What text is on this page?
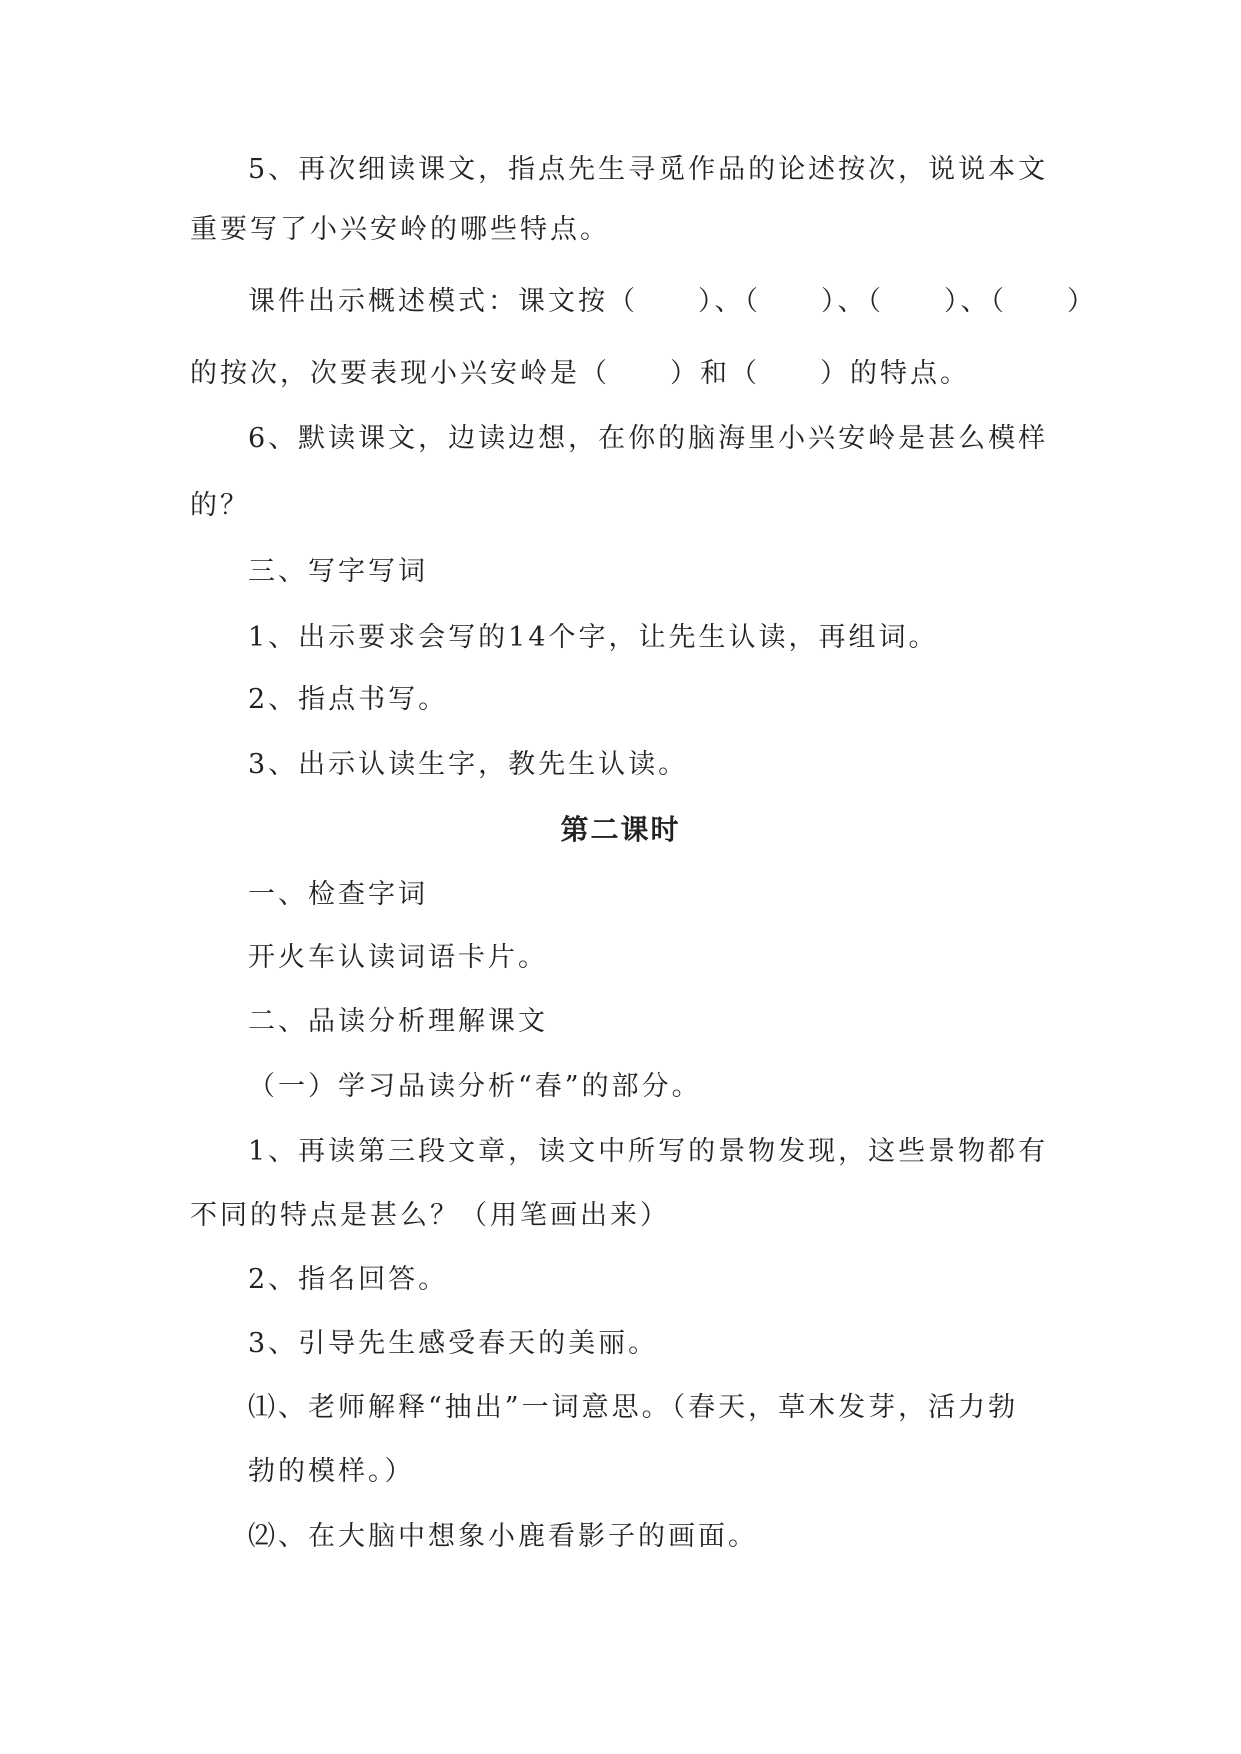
5、再次细读课文，指点先生寻觅作品的论述按次，说说本文
重要写了小兴安岭的哪些特点。
课件出示概述模式：课文按（　　）、（　　）、（　　）、（　　）
的按次，次要表现小兴安岭是（　　）和（　　）的特点。
6、默读课文，边读边想，在你的脑海里小兴安岭是甚么模样
的？
三、写字写词
1、出示要求会写的14个字，让先生认读，再组词。
2、指点书写。
3、出示认读生字，教先生认读。
第二课时
一、检查字词
开火车认读词语卡片。
二、品读分析理解课文
（一）学习品读分析“春”的部分。
1、再读第三段文章，读文中所写的景物发现，这些景物都有
不同的特点是甚么？（用笔画出来）
2、指名回答。
3、引导先生感受春天的美丽。
⑴、老师解释“抽出”一词意思。（春天，草木发芽，活力勃
勃的模样。）
⑵、在大脑中想象小鹿看影子的画面。
